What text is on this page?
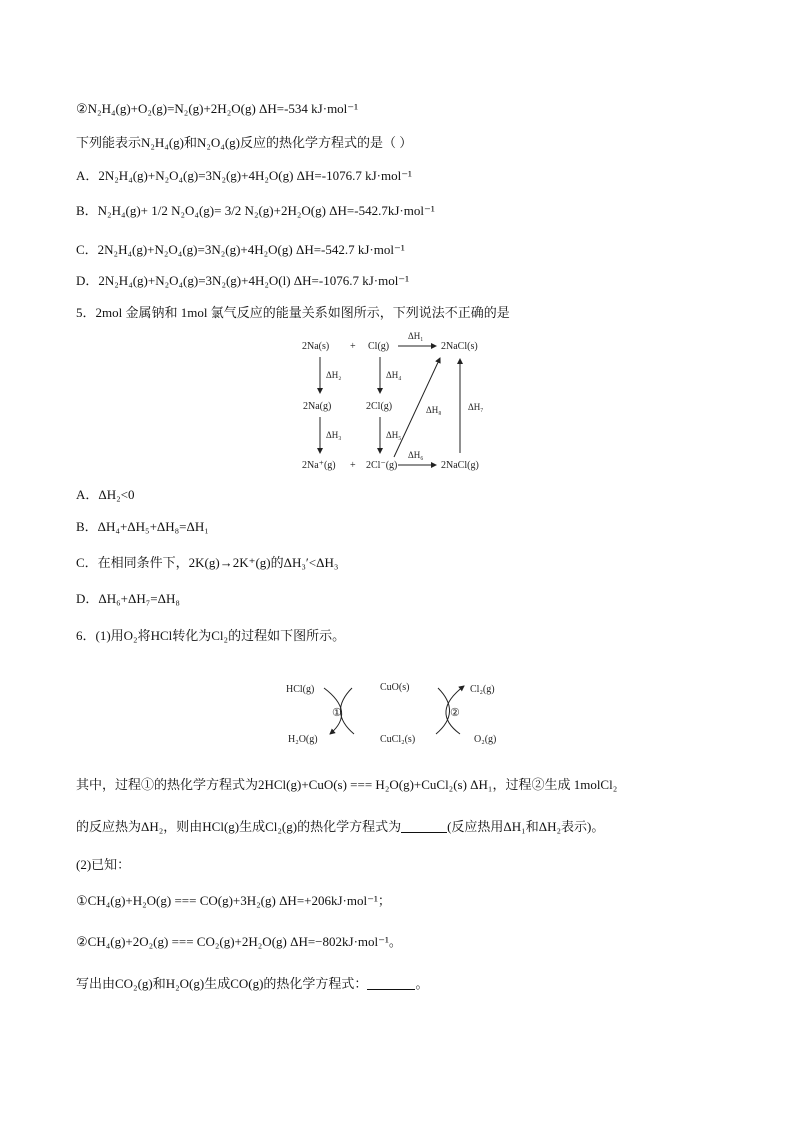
②N₂H₄(g)+O₂(g)=N₂(g)+2H₂O(g) ΔH=-534 kJ·mol⁻¹
下列能表示N₂H₄(g)和N₂O₄(g)反应的热化学方程式的是（ ）
A．2N₂H₄(g)+N₂O₄(g)=3N₂(g)+4H₂O(g) ΔH=-1076.7 kJ·mol⁻¹
B．N₂H₄(g)+ 1/2 N₂O₄(g)= 3/2 N₂(g)+2H₂O(g) ΔH=-542.7kJ·mol⁻¹
C．2N₂H₄(g)+N₂O₄(g)=3N₂(g)+4H₂O(g) ΔH=-542.7 kJ·mol⁻¹
D．2N₂H₄(g)+N₂O₄(g)=3N₂(g)+4H₂O(l) ΔH=-1076.7 kJ·mol⁻¹
5．2mol 金属钠和 1mol 氯气反应的能量关系如图所示，下列说法不正确的是
2Na(s) + Cl(g)
ΔH₁
2NaCl(s)
ΔH₂	ΔH₄
2Na(g)	2Cl(g)
ΔH₃	ΔH₅
ΔH₈	ΔH₇
2Na⁺(g) + 2Cl⁻(g)
ΔH₆
2NaCl(g)
A．ΔH₂<0
B．ΔH₄+ΔH₅+ΔH₈=ΔH₁
C．在相同条件下，2K(g)→2K⁺(g)的ΔH₃′<ΔH₃
D．ΔH₆+ΔH₇=ΔH₈
6．(1)用O₂将HCl转化为Cl₂的过程如下图所示。
HCl(g)
H₂O(g)
①
CuO(s)
CuCl₂(s)
②
Cl₂(g)
O₂(g)
其中，过程①的热化学方程式为2HCl(g)+CuO(s) === H₂O(g)+CuCl₂(s) ΔH₁，过程②生成 1molCl₂
的反应热为ΔH₂，则由HCl(g)生成Cl₂(g)的热化学方程式为	(反应热用ΔH₁和ΔH₂表示)。
(2)已知：
①CH₄(g)+H₂O(g) === CO(g)+3H₂(g) ΔH=+206kJ·mol⁻¹；
②CH₄(g)+2O₂(g) === CO₂(g)+2H₂O(g) ΔH=−802kJ·mol⁻¹。
写出由CO₂(g)和H₂O(g)生成CO(g)的热化学方程式：	。
